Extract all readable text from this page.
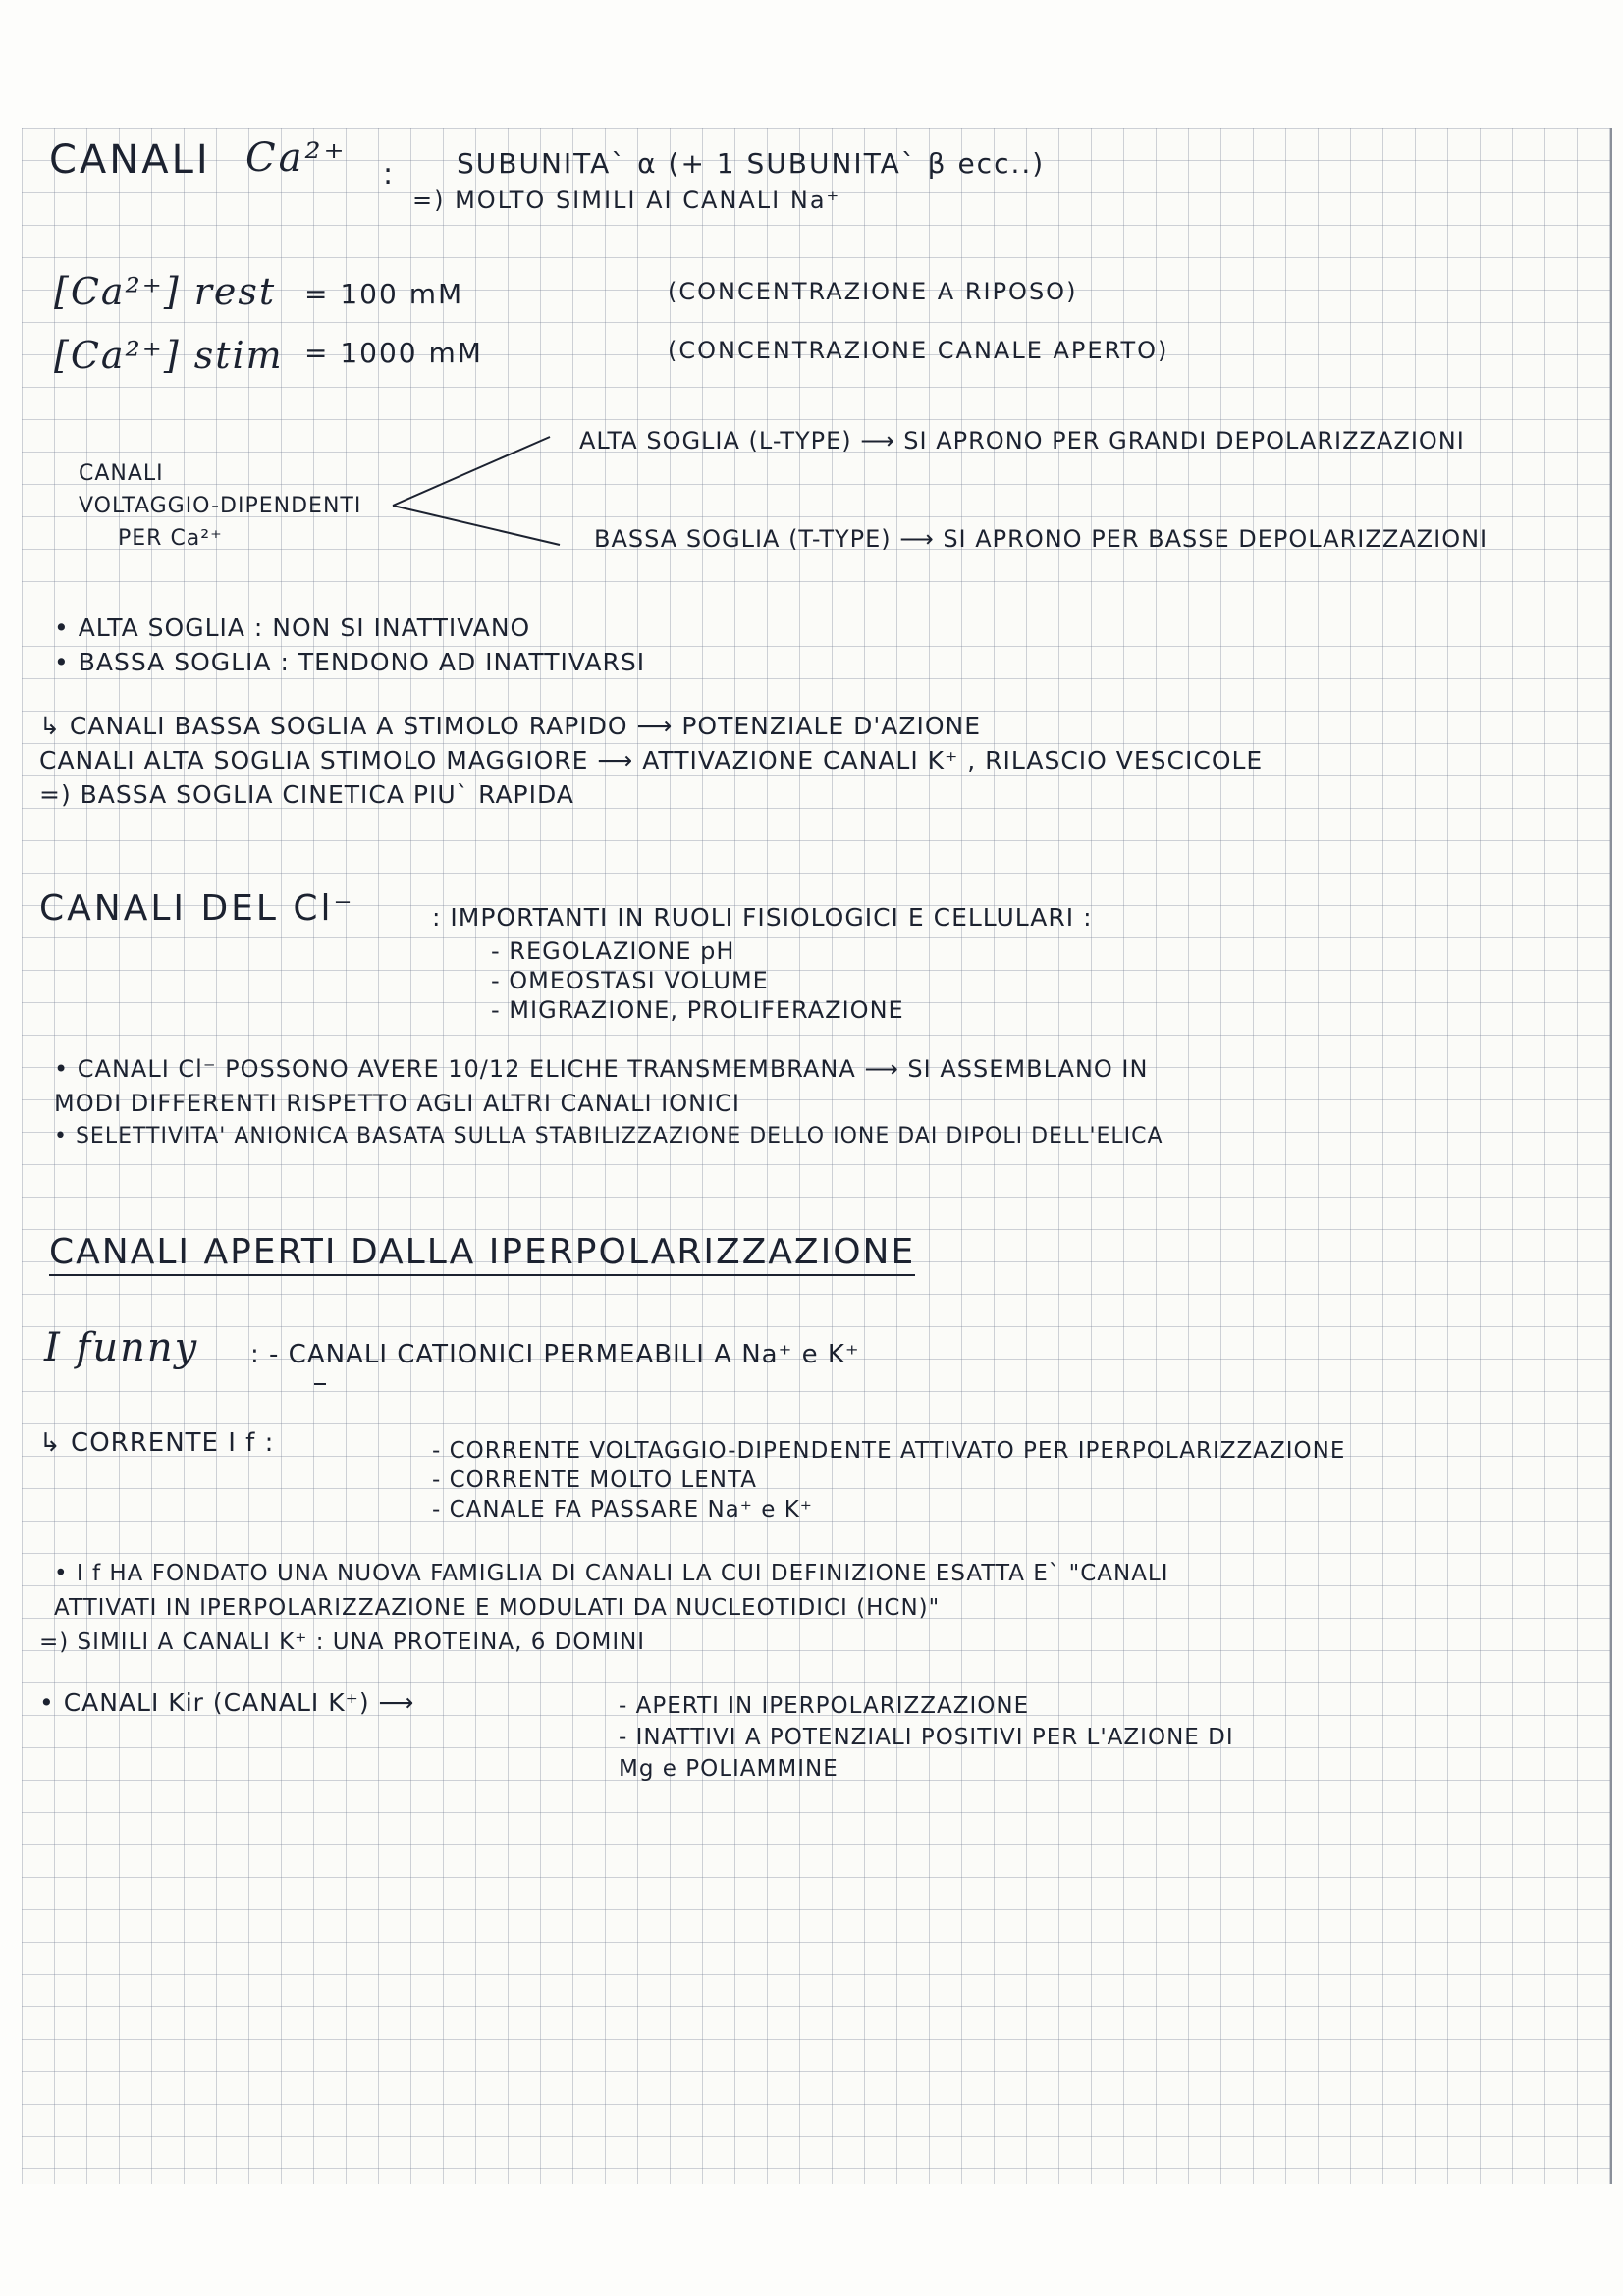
CANALI Ca²⁺ : SUBUNITA` α (+ 1 SUBUNITA` β ecc..)
=) MOLTO SIMILI AI CANALI Na⁺
[Ca²⁺] rest = 100 mM	(CONCENTRAZIONE A RIPOSO)
[Ca²⁺] stim = 1000 mM	(CONCENTRAZIONE CANALE APERTO)
CANALI
VOLTAGGIO-DIPENDENTI
PER Ca²⁺
ALTA SOGLIA (L-TYPE) ⟶ SI APRONO PER GRANDI DEPOLARIZZAZIONI
BASSA SOGLIA (T-TYPE) ⟶ SI APRONO PER BASSE DEPOLARIZZAZIONI
• ALTA SOGLIA : NON SI INATTIVANO
• BASSA SOGLIA : TENDONO AD INATTIVARSI
↳ CANALI BASSA SOGLIA A STIMOLO RAPIDO ⟶ POTENZIALE D'AZIONE
CANALI ALTA SOGLIA STIMOLO MAGGIORE ⟶ ATTIVAZIONE CANALI K⁺ , RILASCIO VESCICOLE
=) BASSA SOGLIA CINETICA PIU` RAPIDA
CANALI DEL Cl⁻	: IMPORTANTI IN RUOLI FISIOLOGICI E CELLULARI :
- REGOLAZIONE pH
- OMEOSTASI VOLUME
- MIGRAZIONE, PROLIFERAZIONE
• CANALI Cl⁻ POSSONO AVERE 10/12 ELICHE TRANSMEMBRANA ⟶ SI ASSEMBLANO IN
MODI DIFFERENTI RISPETTO AGLI ALTRI CANALI IONICI
• SELETTIVITA' ANIONICA BASATA SULLA STABILIZZAZIONE DELLO IONE DAI DIPOLI DELL'ELICA
CANALI APERTI DALLA IPERPOLARIZZAZIONE
I funny : - CANALI CATIONICI PERMEABILI A Na⁺ e K⁺
↳ CORRENTE I f :	- CORRENTE VOLTAGGIO-DIPENDENTE ATTIVATO PER IPERPOLARIZZAZIONE
- CORRENTE MOLTO LENTA
- CANALE FA PASSARE Na⁺ e K⁺
• I f HA FONDATO UNA NUOVA FAMIGLIA DI CANALI LA CUI DEFINIZIONE ESATTA E` "CANALI
ATTIVATI IN IPERPOLARIZZAZIONE E MODULATI DA NUCLEOTIDICI (HCN)"
=) SIMILI A CANALI K⁺ : UNA PROTEINA, 6 DOMINI
• CANALI Kir (CANALI K⁺) ⟶	- APERTI IN IPERPOLARIZZAZIONE
- INATTIVI A POTENZIALI POSITIVI PER L'AZIONE DI
Mg e POLIAMMINE
